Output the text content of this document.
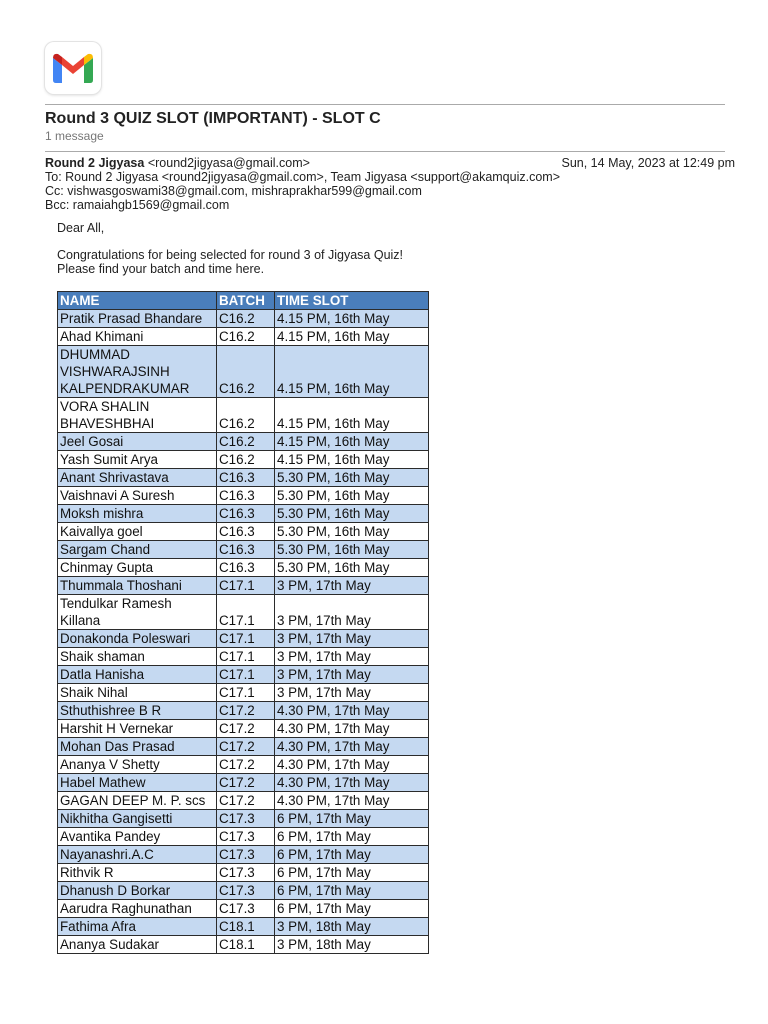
Round 3 QUIZ SLOT (IMPORTANT) - SLOT C
1 message
Round 2 Jigyasa <round2jigyasa@gmail.com>	Sun, 14 May, 2023 at 12:49 pm
To: Round 2 Jigyasa <round2jigyasa@gmail.com>, Team Jigyasa <support@akamquiz.com>
Cc: vishwasgoswami38@gmail.com, mishraprakhar599@gmail.com
Bcc: ramaiahgb1569@gmail.com
Dear All,
Congratulations for being selected for round 3 of Jigyasa Quiz!
Please find your batch and time here.
NAME	BATCH	TIME SLOT
Pratik Prasad Bhandare	C16.2	4.15 PM, 16th May
Ahad Khimani	C16.2	4.15 PM, 16th May
DHUMMAD VISHWARAJSINH KALPENDRAKUMAR	C16.2	4.15 PM, 16th May
VORA SHALIN BHAVESHBHAI	C16.2	4.15 PM, 16th May
Jeel Gosai	C16.2	4.15 PM, 16th May
Yash Sumit Arya	C16.2	4.15 PM, 16th May
Anant Shrivastava	C16.3	5.30 PM, 16th May
Vaishnavi A Suresh	C16.3	5.30 PM, 16th May
Moksh mishra	C16.3	5.30 PM, 16th May
Kaivallya goel	C16.3	5.30 PM, 16th May
Sargam Chand	C16.3	5.30 PM, 16th May
Chinmay Gupta	C16.3	5.30 PM, 16th May
Thummala Thoshani	C17.1	3 PM, 17th May
Tendulkar Ramesh Killana	C17.1	3 PM, 17th May
Donakonda Poleswari	C17.1	3 PM, 17th May
Shaik shaman	C17.1	3 PM, 17th May
Datla Hanisha	C17.1	3 PM, 17th May
Shaik Nihal	C17.1	3 PM, 17th May
Sthuthishree B R	C17.2	4.30 PM, 17th May
Harshit H Vernekar	C17.2	4.30 PM, 17th May
Mohan Das Prasad	C17.2	4.30 PM, 17th May
Ananya V Shetty	C17.2	4.30 PM, 17th May
Habel Mathew	C17.2	4.30 PM, 17th May
GAGAN DEEP M. P. scs	C17.2	4.30 PM, 17th May
Nikhitha Gangisetti	C17.3	6 PM, 17th May
Avantika Pandey	C17.3	6 PM, 17th May
Nayanashri.A.C	C17.3	6 PM, 17th May
Rithvik R	C17.3	6 PM, 17th May
Dhanush D Borkar	C17.3	6 PM, 17th May
Aarudra Raghunathan	C17.3	6 PM, 17th May
Fathima Afra	C18.1	3 PM, 18th May
Ananya Sudakar	C18.1	3 PM, 18th May
